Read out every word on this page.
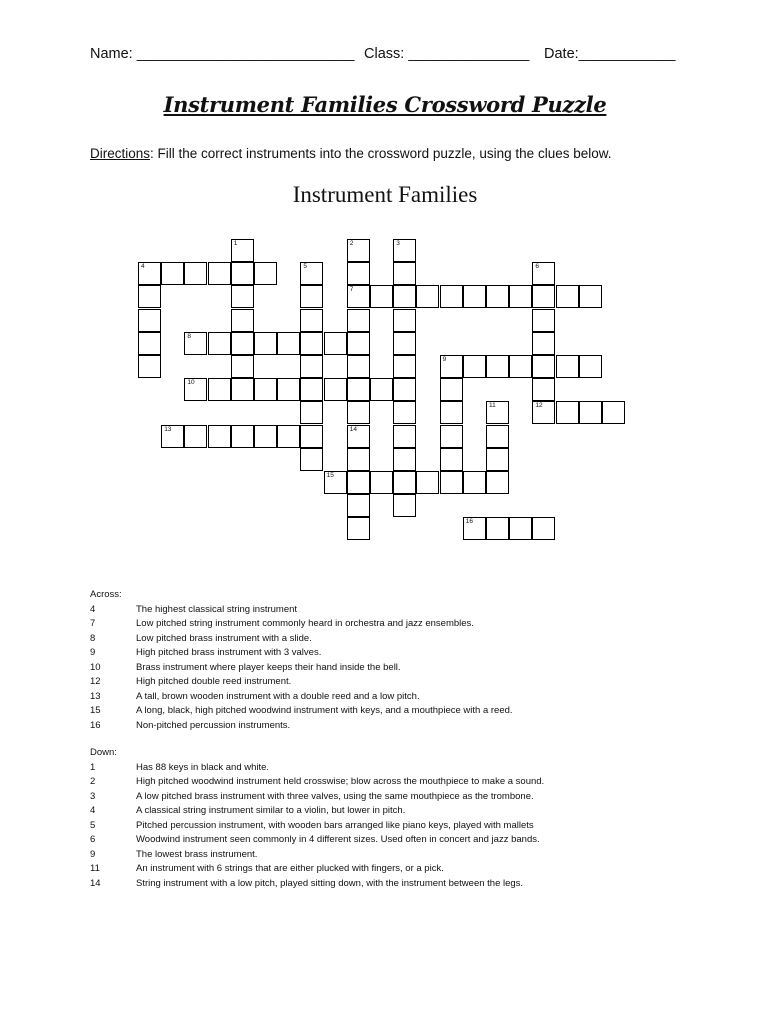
Name: ___________________________ Class: _______________ Date:____________
Instrument Families Crossword Puzzle
Directions: Fill the correct instruments into the crossword puzzle, using the clues below.
Instrument Families
1	2
7
14
3
4	5	6
8
9
10
11	12
13
15
16
Across:
4	The highest classical string instrument
7	Low pitched string instrument commonly heard in orchestra and jazz ensembles.
8	Low pitched brass instrument with a slide.
9	High pitched brass instrument with 3 valves.
10	Brass instrument where player keeps their hand inside the bell.
12	High pitched double reed instrument.
13	A tall, brown wooden instrument with a double reed and a low pitch.
15	A long, black, high pitched woodwind instrument with keys, and a mouthpiece with a reed.
16	Non-pitched percussion instruments.
Down:
1	Has 88 keys in black and white.
2	High pitched woodwind instrument held crosswise; blow across the mouthpiece to make a sound.
3	A low pitched brass instrument with three valves, using the same mouthpiece as the trombone.
4	A classical string instrument similar to a violin, but lower in pitch.
5	Pitched percussion instrument, with wooden bars arranged like piano keys, played with mallets
6	Woodwind instrument seen commonly in 4 different sizes. Used often in concert and jazz bands.
9	The lowest brass instrument.
11	An instrument with 6 strings that are either plucked with fingers, or a pick.
14	String instrument with a low pitch, played sitting down, with the instrument between the legs.
